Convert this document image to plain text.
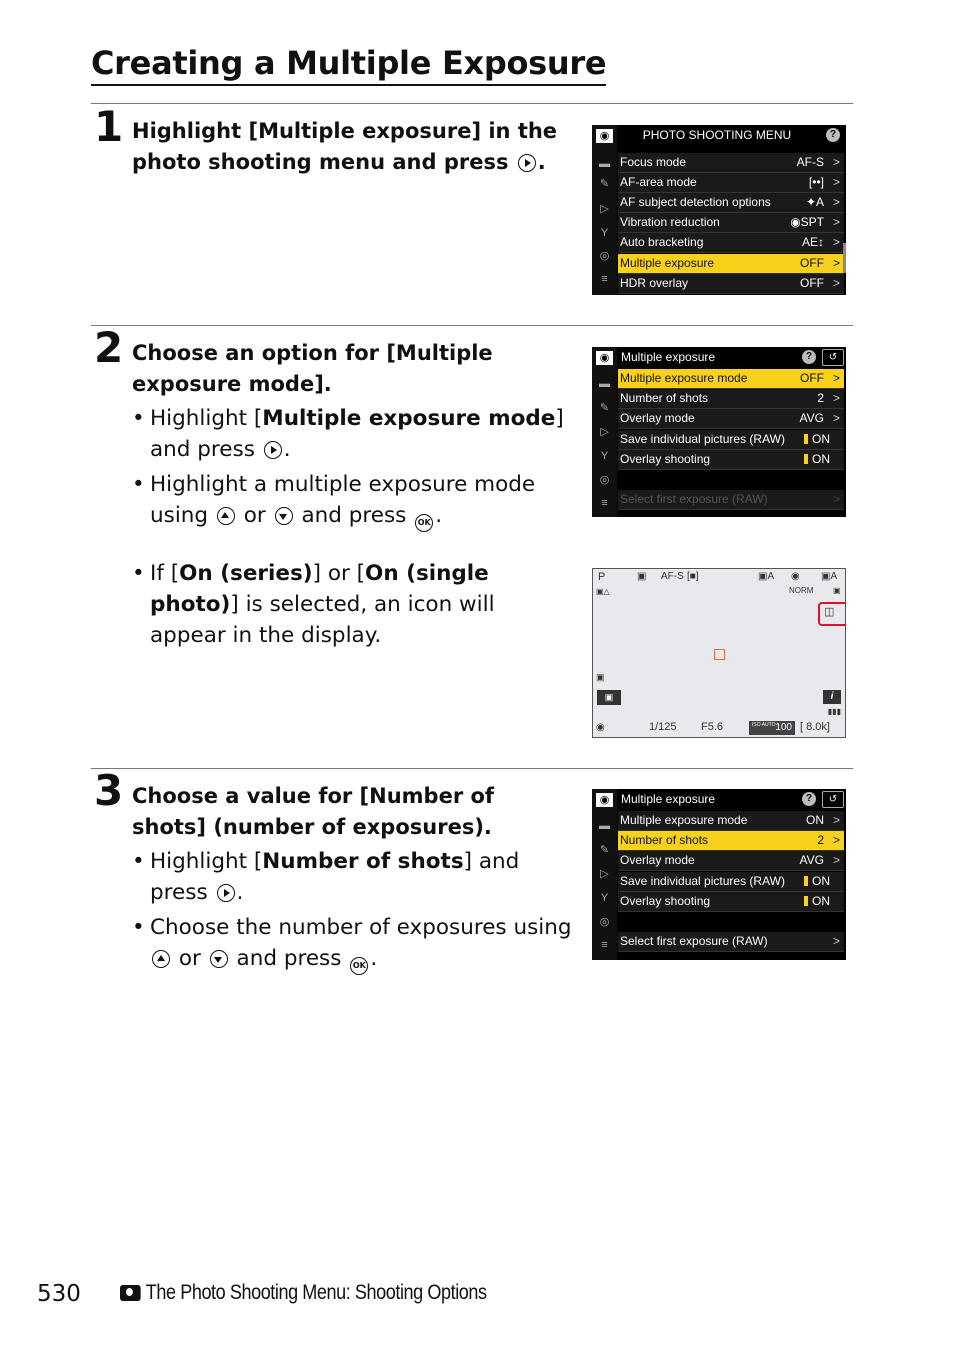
Creating a Multiple Exposure
1 Highlight [Multiple exposure] in the photo shooting menu and press .
◉
▬
✎
▷
Υ
◎
≡
PHOTO SHOOTING MENU	?
Focus mode	AF-S >
AF-area mode	[••] >
AF subject detection options	✦A >
Vibration reduction	◉SPT >
Auto bracketing	AE↕ >
Multiple exposure	OFF >
HDR overlay	OFF >
2 Choose an option for [Multiple exposure mode].
• Highlight [Multiple exposure mode] and press .
• Highlight a multiple exposure mode using or and press OK .
• If [On (series)] or [On (single photo)] is selected, an icon will appear in the display.
◉
▬
✎
▷
Υ
◎
≡
Multiple exposure	?	↺
Multiple exposure mode	OFF >
Number of shots	2 >
Overlay mode	AVG >
Save individual pictures (RAW)	ON
Overlay shooting	ON
Select first exposure (RAW)	>
P	▣ AF-S [■]	▣A ◉ ▣A
▣△	NORM ▣
◫
▣
▣	i
▮▮▮
◉	1/125 F5.6	ISO AUTO 100 [ 8.0k]
3 Choose a value for [Number of shots] (number of exposures).
• Highlight [Number of shots] and press .
• Choose the number of exposures using  or and press OK .
◉
▬
✎
▷
Υ
◎
≡
Multiple exposure	?	↺
Multiple exposure mode	ON >
Number of shots	2 >
Overlay mode	AVG >
Save individual pictures (RAW)	ON
Overlay shooting	ON
Select first exposure (RAW)	>
530	The Photo Shooting Menu: Shooting Options
